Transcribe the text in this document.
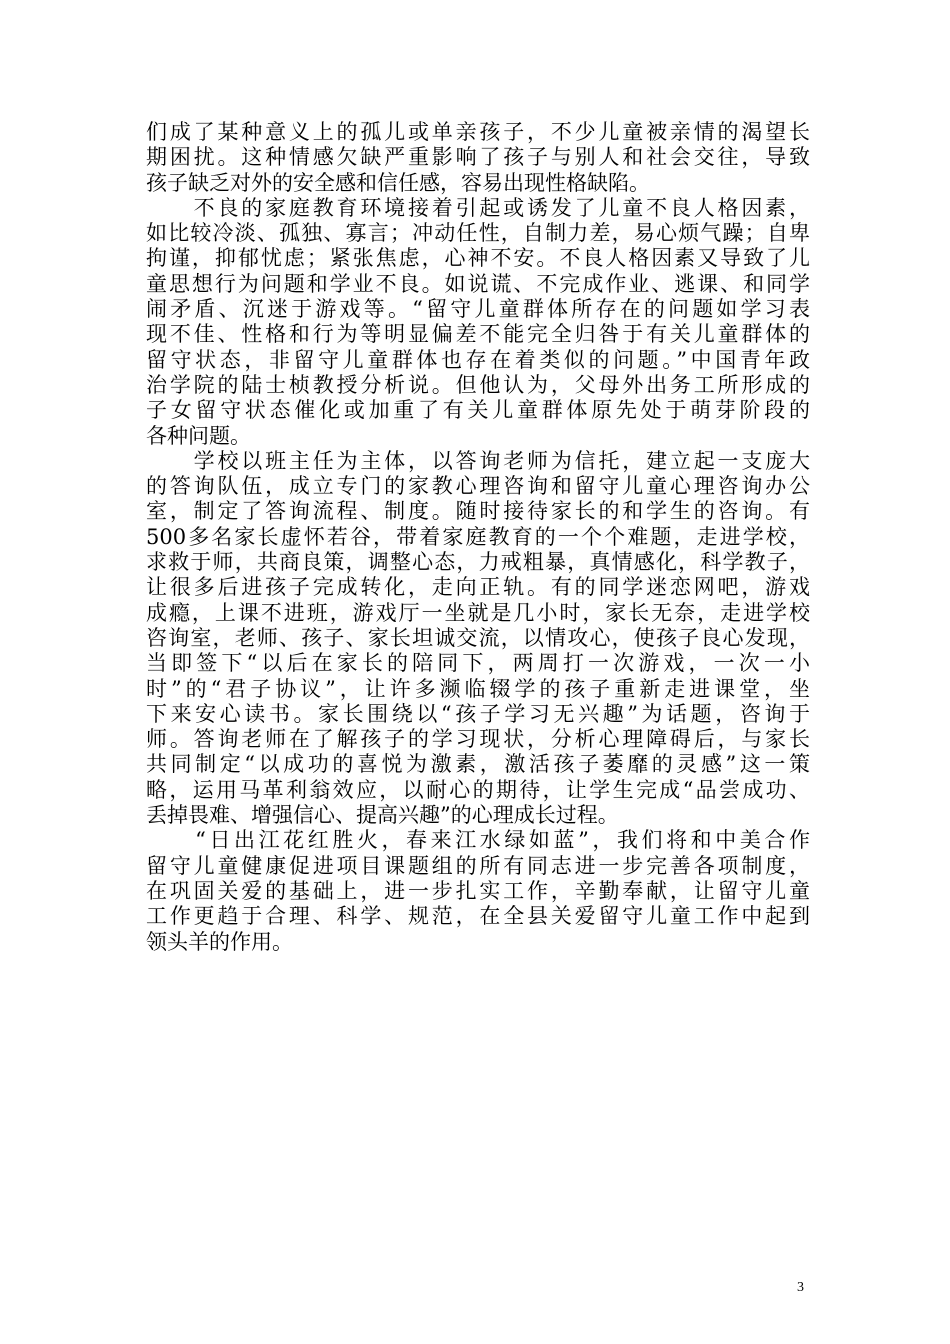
们成了某种意义上的孤儿或单亲孩子，不少儿童被亲情的渴望长
期困扰。这种情感欠缺严重影响了孩子与别人和社会交往，导致
孩子缺乏对外的安全感和信任感，容易出现性格缺陷。
　　不良的家庭教育环境接着引起或诱发了儿童不良人格因素，
如比较冷淡、孤独、寡言；冲动任性，自制力差，易心烦气躁；自卑
拘谨，抑郁忧虑；紧张焦虑，心神不安。不良人格因素又导致了儿
童思想行为问题和学业不良。如说谎、不完成作业、逃课、和同学
闹矛盾、沉迷于游戏等。“留守儿童群体所存在的问题如学习表
现不佳、性格和行为等明显偏差不能完全归咎于有关儿童群体的
留守状态，非留守儿童群体也存在着类似的问题。”中国青年政
治学院的陆士桢教授分析说。但他认为，父母外出务工所形成的
子女留守状态催化或加重了有关儿童群体原先处于萌芽阶段的
各种问题。
　　学校以班主任为主体，以答询老师为信托，建立起一支庞大
的答询队伍，成立专门的家教心理咨询和留守儿童心理咨询办公
室，制定了答询流程、制度。随时接待家长的和学生的咨询。有
500多名家长虚怀若谷，带着家庭教育的一个个难题，走进学校，
求救于师，共商良策，调整心态，力戒粗暴，真情感化，科学教子，
让很多后进孩子完成转化，走向正轨。有的同学迷恋网吧，游戏
成瘾，上课不进班，游戏厅一坐就是几小时，家长无奈，走进学校
咨询室，老师、孩子、家长坦诚交流，以情攻心，使孩子良心发现，
当即签下“以后在家长的陪同下，两周打一次游戏，一次一小
时”的“君子协议”，让许多濒临辍学的孩子重新走进课堂，坐
下来安心读书。家长围绕以“孩子学习无兴趣”为话题，咨询于
师。答询老师在了解孩子的学习现状，分析心理障碍后，与家长
共同制定“以成功的喜悦为激素，激活孩子萎靡的灵感”这一策
略，运用马革利翁效应，以耐心的期待，让学生完成“品尝成功、
丢掉畏难、增强信心、提高兴趣”的心理成长过程。
　　“日出江花红胜火，春来江水绿如蓝”，我们将和中美合作
留守儿童健康促进项目课题组的所有同志进一步完善各项制度，
在巩固关爱的基础上，进一步扎实工作，辛勤奉献，让留守儿童
工作更趋于合理、科学、规范，在全县关爱留守儿童工作中起到
领头羊的作用。
3
